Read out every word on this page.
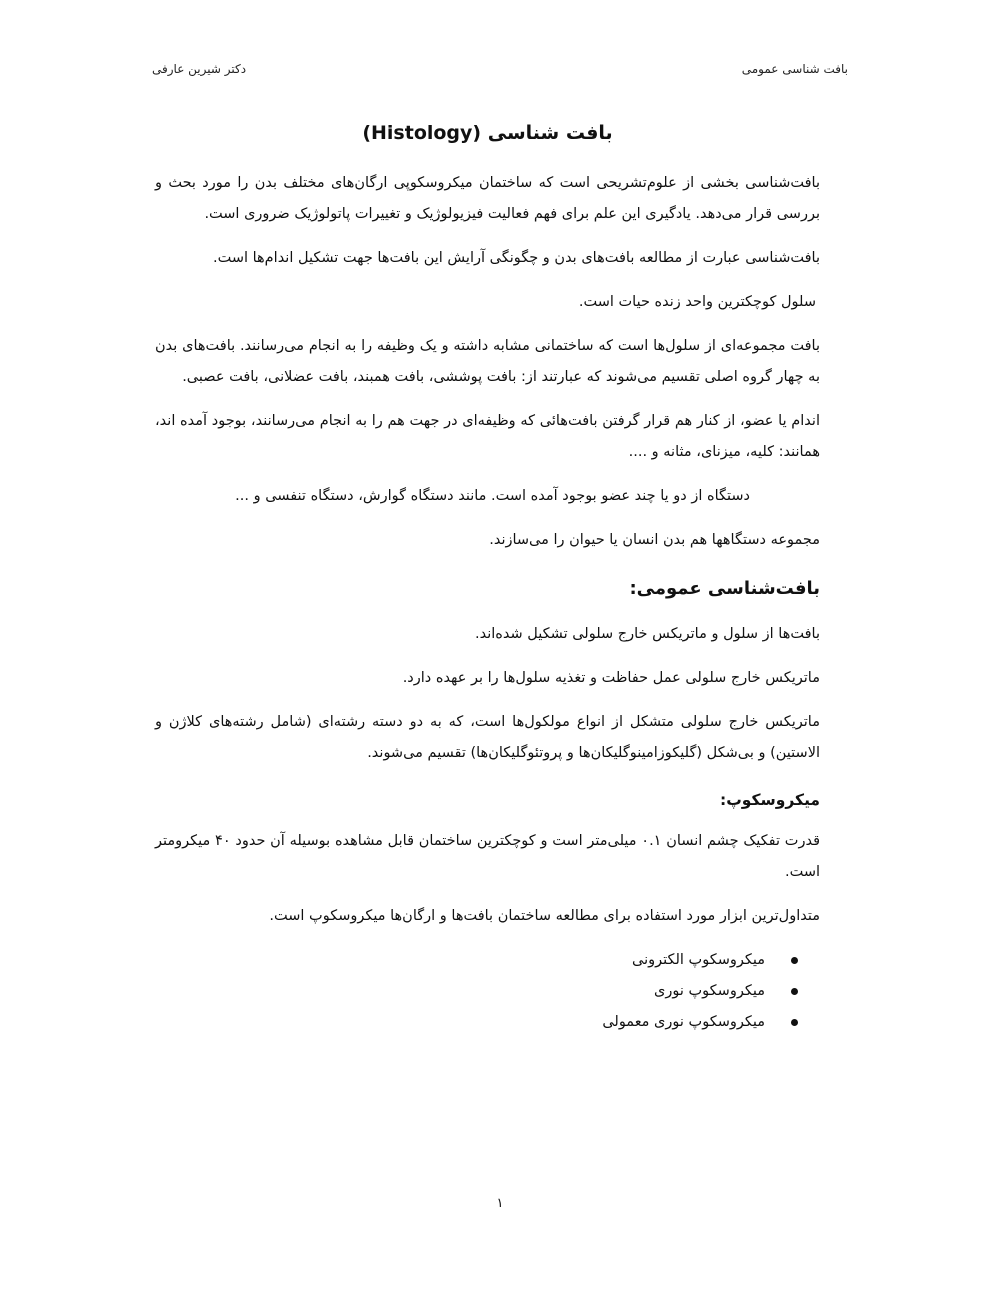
بافت شناسی عمومی
دکتر شیرین عارفی
بافت شناسی (Histology)

بافت‌شناسی بخشی از علوم‌تشریحی است که ساختمان میکروسکوپی ارگان‌های مختلف بدن را مورد بحث و بررسی قرار می‌دهد. یادگیری این علم برای فهم فعالیت فیزیولوژیک و تغییرات پاتولوژیک ضروری است.

بافت‌شناسی عبارت از مطالعه بافت‌های بدن و چگونگی آرایش این بافت‌ها جهت تشکیل اندام‌ها است.

سلول کوچکترین واحد زنده حیات است.

بافت مجموعه‌ای از سلول‌ها است که ساختمانی مشابه داشته و یک وظیفه را به انجام می‌رسانند. بافت‌های بدن به چهار گروه اصلی تقسیم می‌شوند که عبارتند از: بافت پوششی، بافت همبند، بافت عضلانی، بافت عصبی.

اندام یا عضو، از کنار هم قرار گرفتن بافت‌هائی که وظیفه‌ای در جهت هم را به انجام می‌رسانند، بوجود آمده اند، همانند: کلیه، میزنای، مثانه و ....

دستگاه از دو یا چند عضو بوجود آمده است. مانند دستگاه گوارش، دستگاه تنفسی و ...

مجموعه دستگاهها هم بدن انسان یا حیوان را می‌سازند.

بافت‌شناسی عمومی:

بافت‌ها از سلول و ماتریکس خارج سلولی تشکیل شده‌اند.

ماتریکس خارج سلولی عمل حفاظت و تغذیه سلول‌ها را بر عهده دارد.

ماتریکس خارج سلولی متشکل از انواع مولکول‌ها است، که به دو دسته رشته‌ای (شامل رشته‌های کلاژن و الاستین) و بی‌شکل (گلیکوزامینوگلیکان‌ها و پروتئوگلیکان‌ها) تقسیم می‌شوند.

میکروسکوپ:

قدرت تفکیک چشم انسان ۰.۱ میلی‌متر است و کوچکترین ساختمان قابل مشاهده بوسیله آن حدود ۴۰ میکرومتر است.

متداول‌ترین ابزار مورد استفاده برای مطالعه ساختمان بافت‌ها و ارگان‌ها میکروسکوپ است.

میکروسکوپ الکترونی
میکروسکوپ نوری
میکروسکوپ نوری معمولی
۱
